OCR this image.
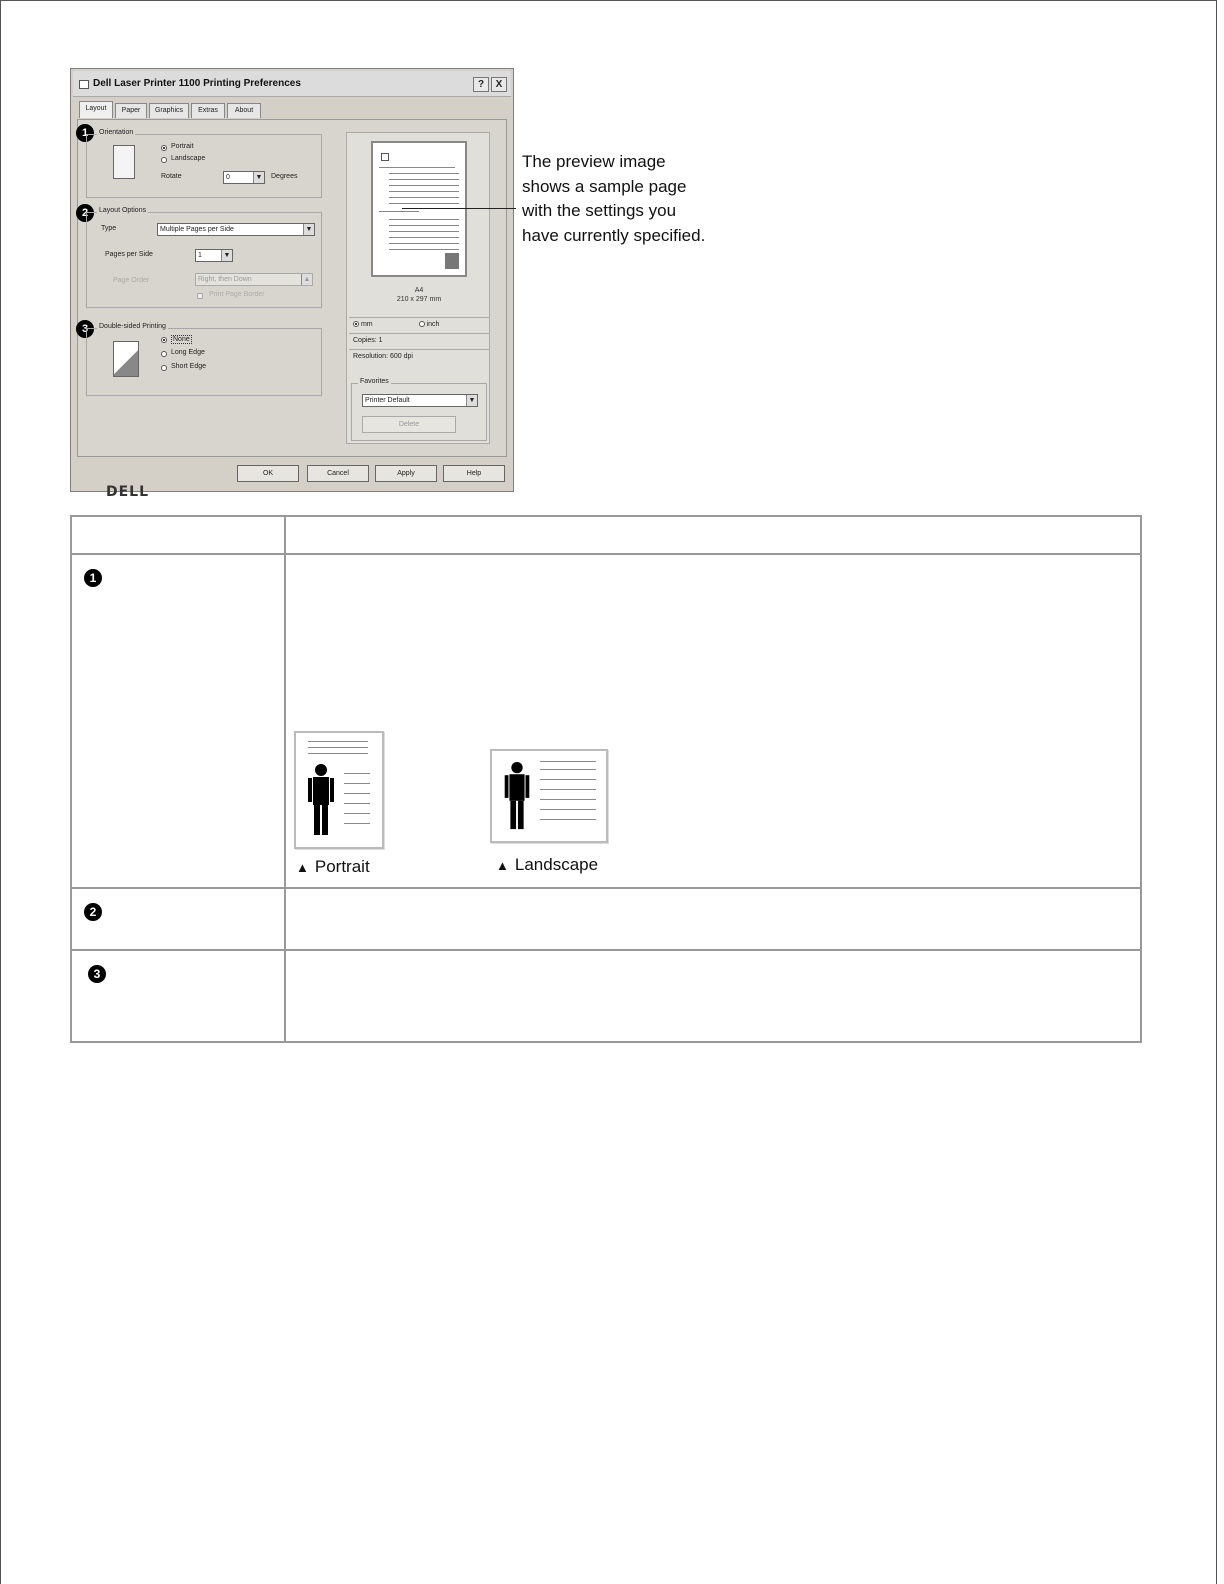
Dell Laser Printer 1100 Printing Preferences	?	X
Layout	Paper	Graphics	Extras	About
1	Orientation
Portrait
Landscape
Rotate	0	▼ Degrees
2	Layout Options
Type	Multiple Pages per Side	▼
Pages per Side	1	▼
Page Order	Right, then Down	▲
Print Page Border
3	Double-sided Printing
None
Long Edge
Short Edge
A4
210 x 297 mm
mm	inch
Copies: 1
Resolution: 600 dpi
Favorites
Printer Default	▼
Delete
DELL
OK	Cancel	Apply	Help
The preview image shows a sample page with the settings you have currently specified.

1	▲ Portrait ▲ Landscape

2	
3	
